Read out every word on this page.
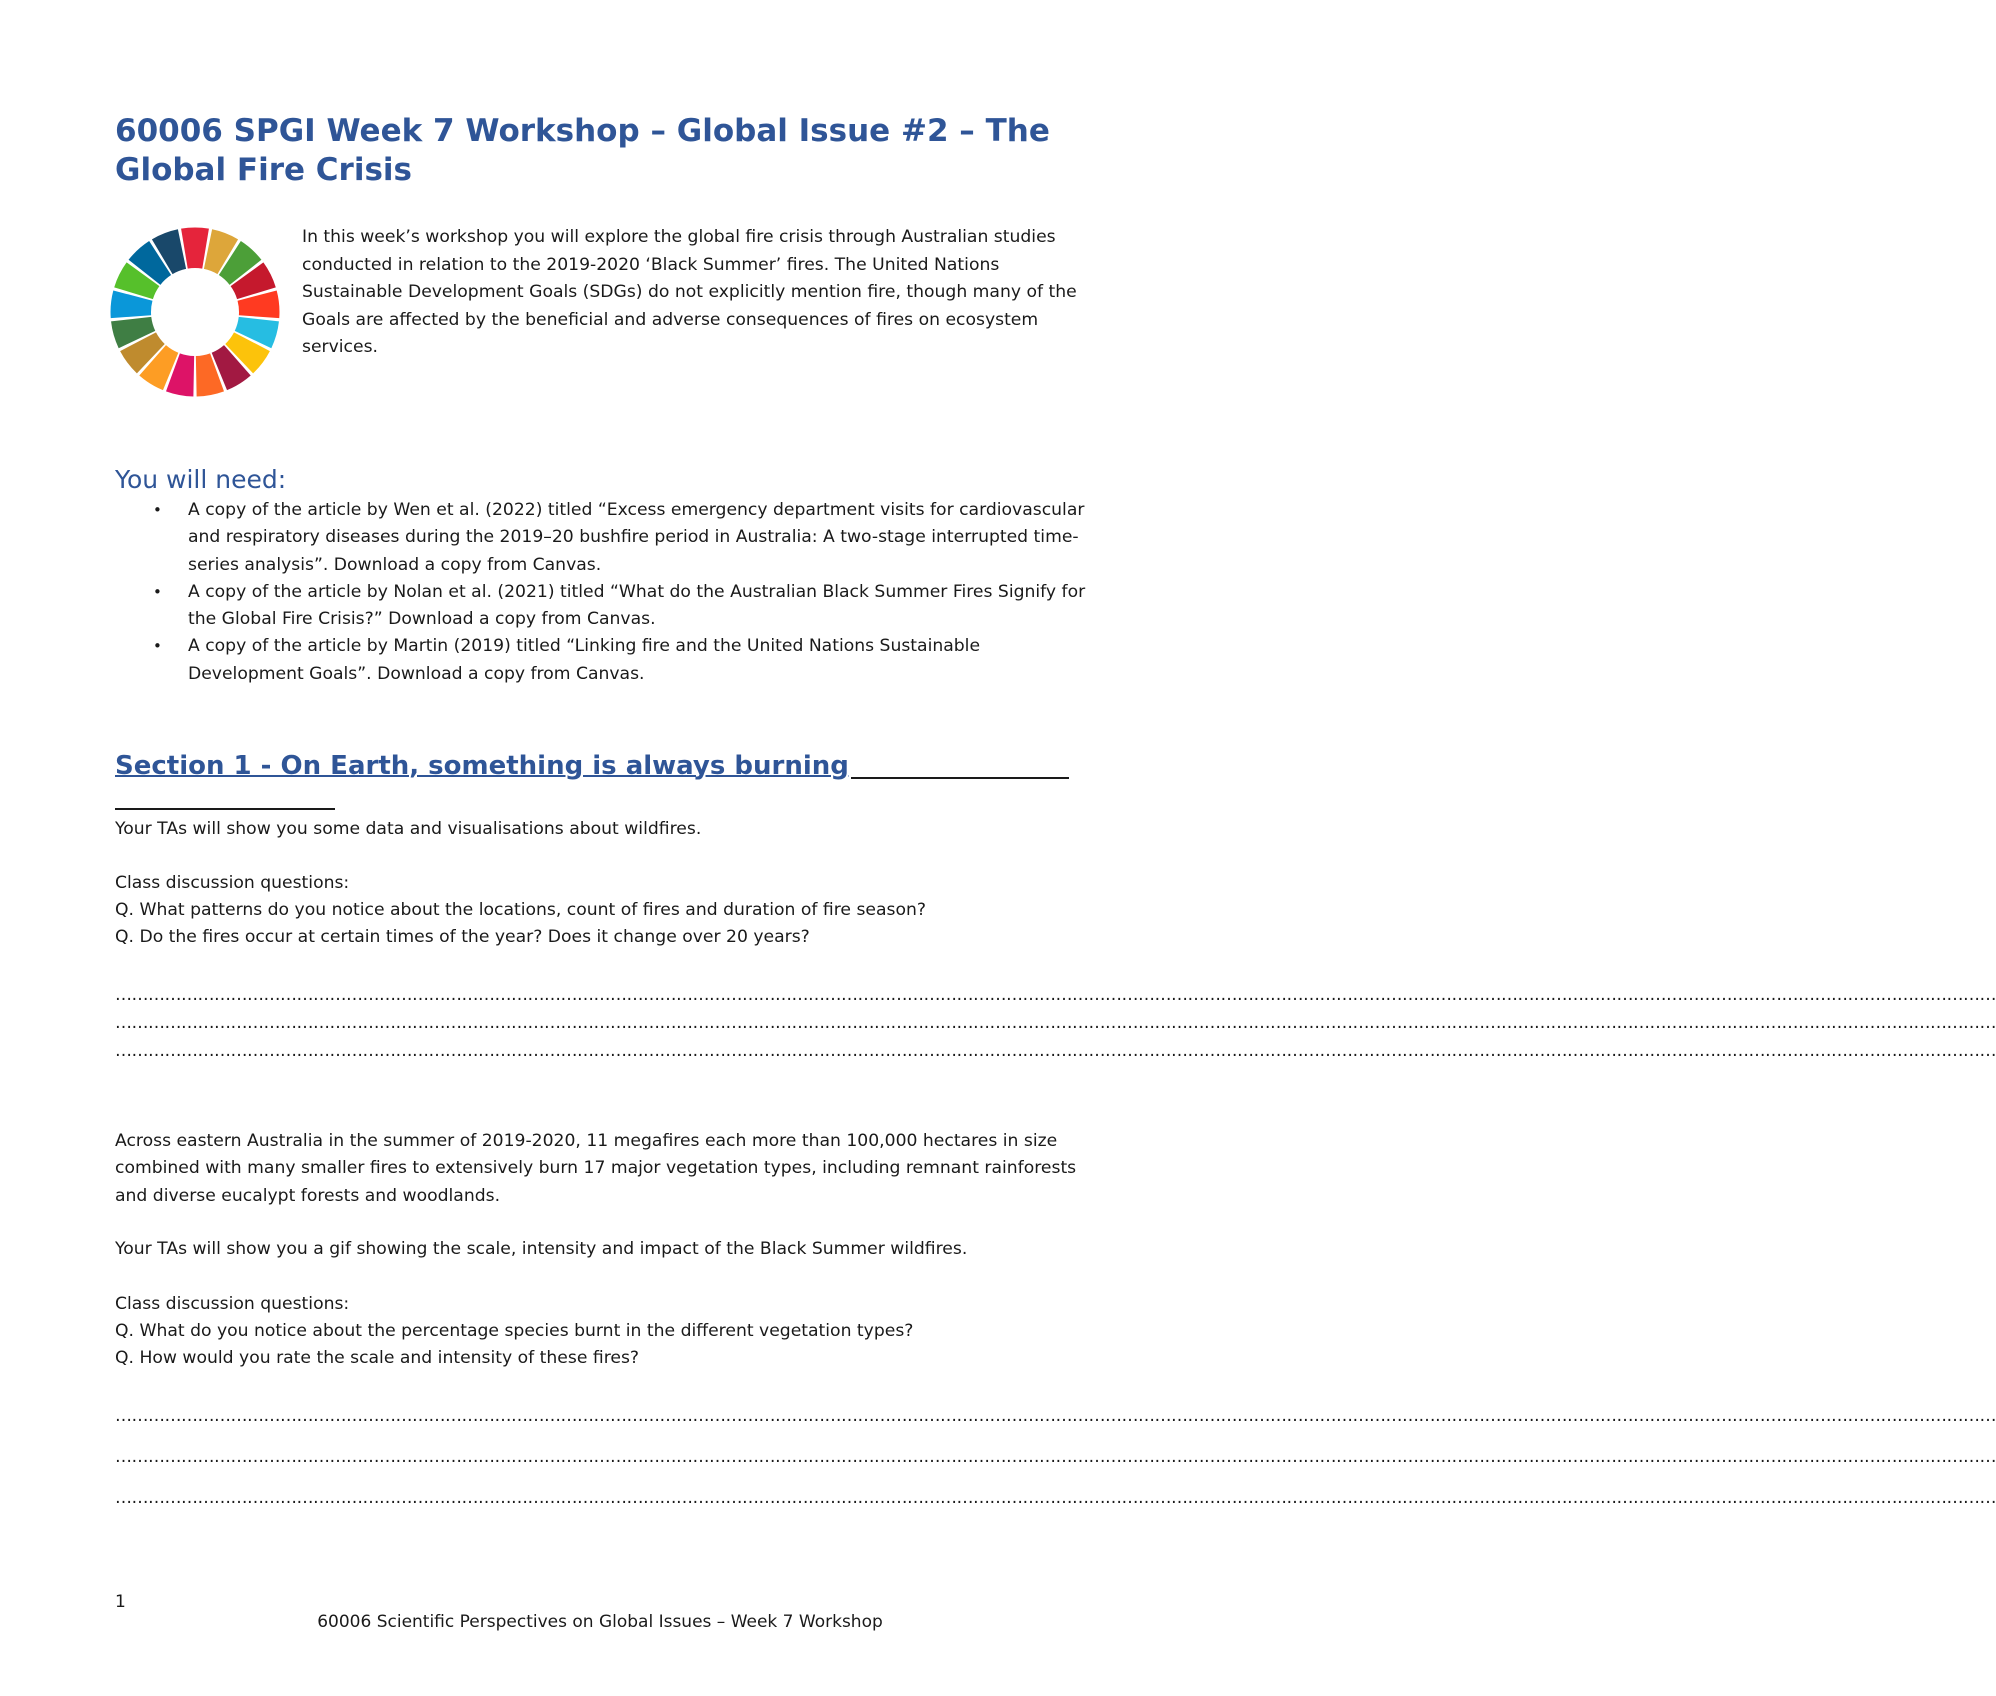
60006 SPGI Week 7 Workshop – Global Issue #2 – The Global Fire Crisis

In this week’s workshop you will explore the global fire crisis through Australian studies conducted in relation to the 2019-2020 ‘Black Summer’ fires. The United Nations Sustainable Development Goals (SDGs) do not explicitly mention fire, though many of the Goals are affected by the beneficial and adverse consequences of fires on ecosystem services.

You will need:
• A copy of the article by Wen et al. (2022) titled “Excess emergency department visits for cardiovascular and respiratory diseases during the 2019–20 bushfire period in Australia: A two-stage interrupted time-series analysis”. Download a copy from Canvas.
• A copy of the article by Nolan et al. (2021) titled “What do the Australian Black Summer Fires Signify for the Global Fire Crisis?” Download a copy from Canvas.
• A copy of the article by Martin (2019) titled “Linking fire and the United Nations Sustainable Development Goals”. Download a copy from Canvas.
Section 1 - On Earth, something is always burning

Your TAs will show you some data and visualisations about wildfires.

Class discussion questions:

Q. What patterns do you notice about the locations, count of fires and duration of fire season?

Q. Do the fires occur at certain times of the year? Does it change over 20 years?

………………………………………………………………………………………………………………………………………………………………………………………………………………………………………………………………………………………………………………

………………………………………………………………………………………………………………………………………………………………………………………………………………………………………………………………………………………………………………

………………………………………………………………………………………………………………………………………………………………………………………………………………………………………………………………………………………………………………

Across eastern Australia in the summer of 2019-2020, 11 megafires each more than 100,000 hectares in size combined with many smaller fires to extensively burn 17 major vegetation types, including remnant rainforests and diverse eucalypt forests and woodlands.

Your TAs will show you a gif showing the scale, intensity and impact of the Black Summer wildfires.

Class discussion questions:

Q. What do you notice about the percentage species burnt in the different vegetation types?

Q. How would you rate the scale and intensity of these fires?

………………………………………………………………………………………………………………………………………………………………………………………………………………………………………………………………………………………………………………

………………………………………………………………………………………………………………………………………………………………………………………………………………………………………………………………………………………………………………

………………………………………………………………………………………………………………………………………………………………………………………………………………………………………………………………………………………………………………

1

60006 Scientific Perspectives on Global Issues – Week 7 Workshop
